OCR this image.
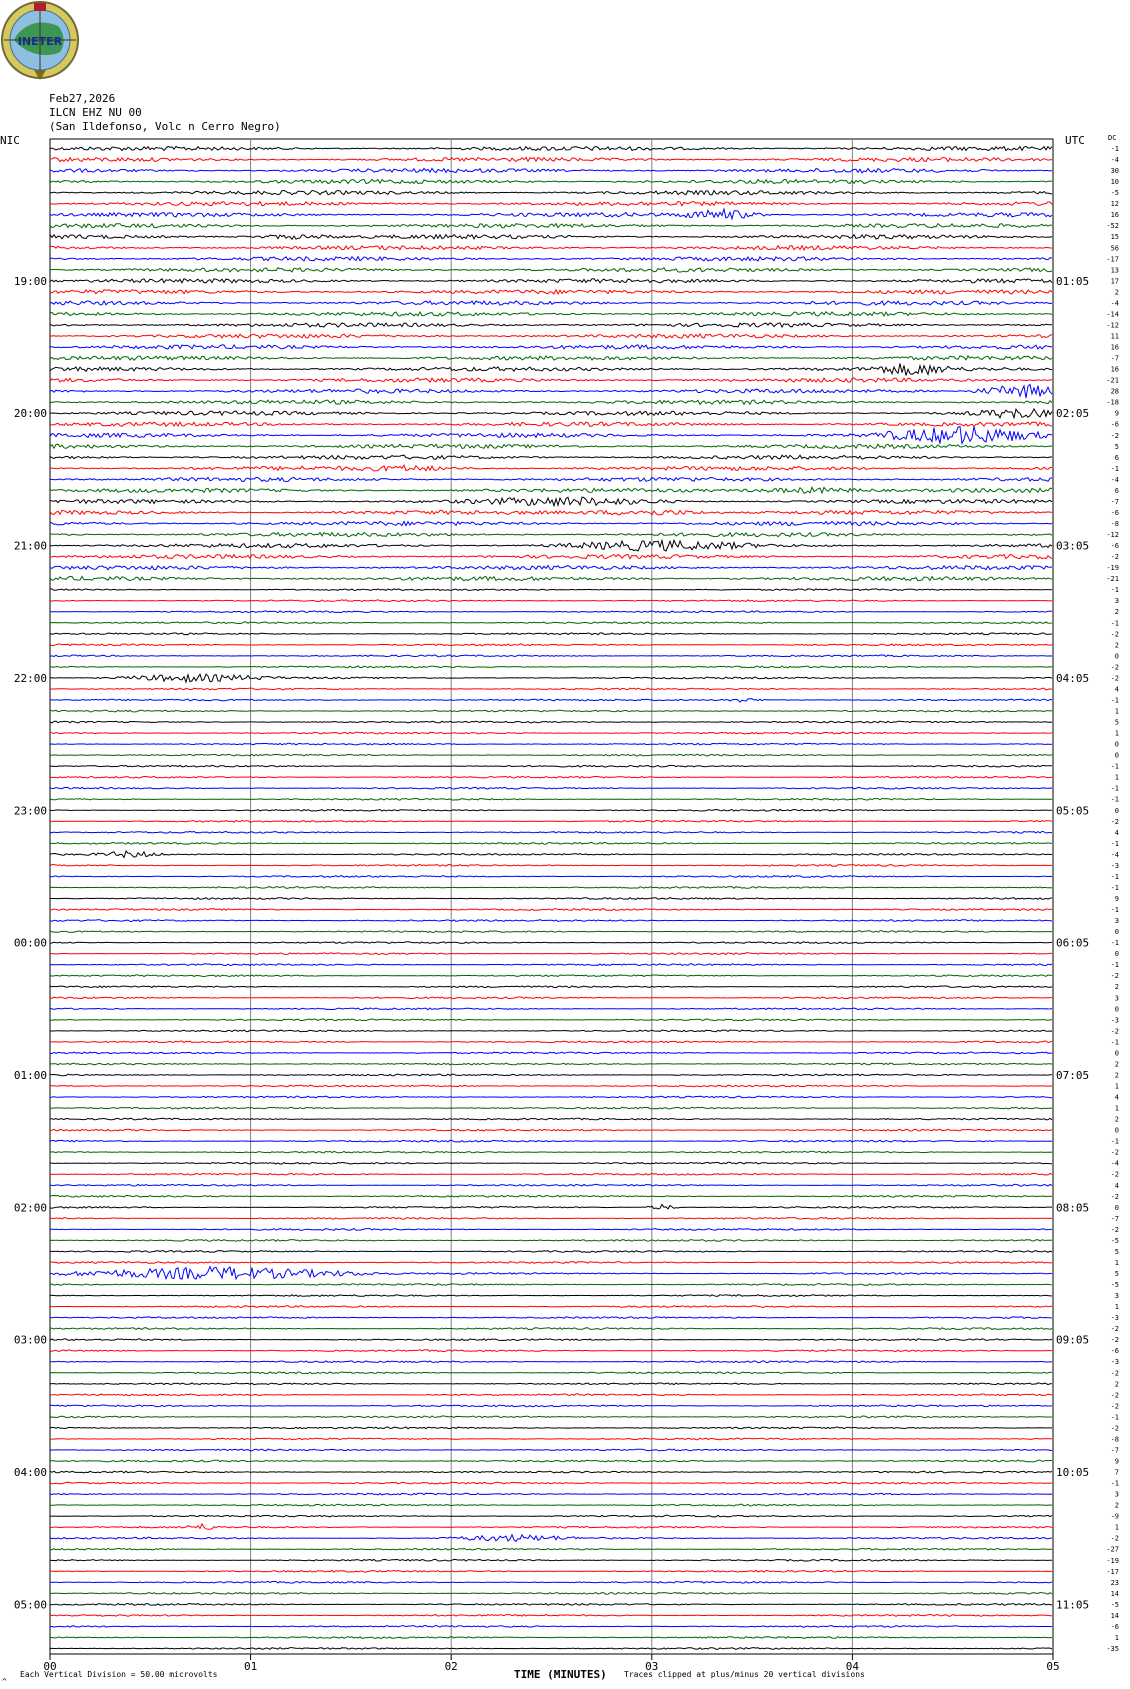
INETER
Feb27,2026
ILCN EHZ NU 00
(San Ildefonso, Volc n Cerro Negro)
-1
-4
30
10
-5
12
16
-52
15
56
-17
13
17
2
-4
-14
-12
11
16
-7
16
-21
28
-18
9
-6
-2
5
6
-1
-4
6
-7
-6
-8
-12
-6
-2
-19
-21
-1
3
2
-1
-2
2
0
-2
-2
4
-1
1
5
1
0
0
-1
1
-1
-1
0
-2
4
-1
-4
-3
-1
-1
9
-1
3
0
-1
0
-1
-2
2
3
0
-3
-2
-1
0
2
2
1
4
1
2
0
-1
-2
-4
-2
4
-2
0
-7
-2
-5
5
1
5
-5
3
1
-3
-2
-2
-6
-3
-2
2
-2
-2
-1
-2
-8
-7
9
7
-1
3
2
-9
1
-2
-27
-19
-17
23
14
-5
14
-6
1
-35
19:00	01:05
20:00	02:05
21:00	03:05
22:00	04:05
23:00	05:05
00:00	06:05
01:00	07:05
02:00	08:05
03:00	09:05
04:00	10:05
05:00	11:05
00	01	02	03	04	05
NIC	UTC	DC
^
Each Vertical Division = 50.00 microvolts	TIME (MINUTES) Traces clipped at plus/minus 20 vertical divisions
